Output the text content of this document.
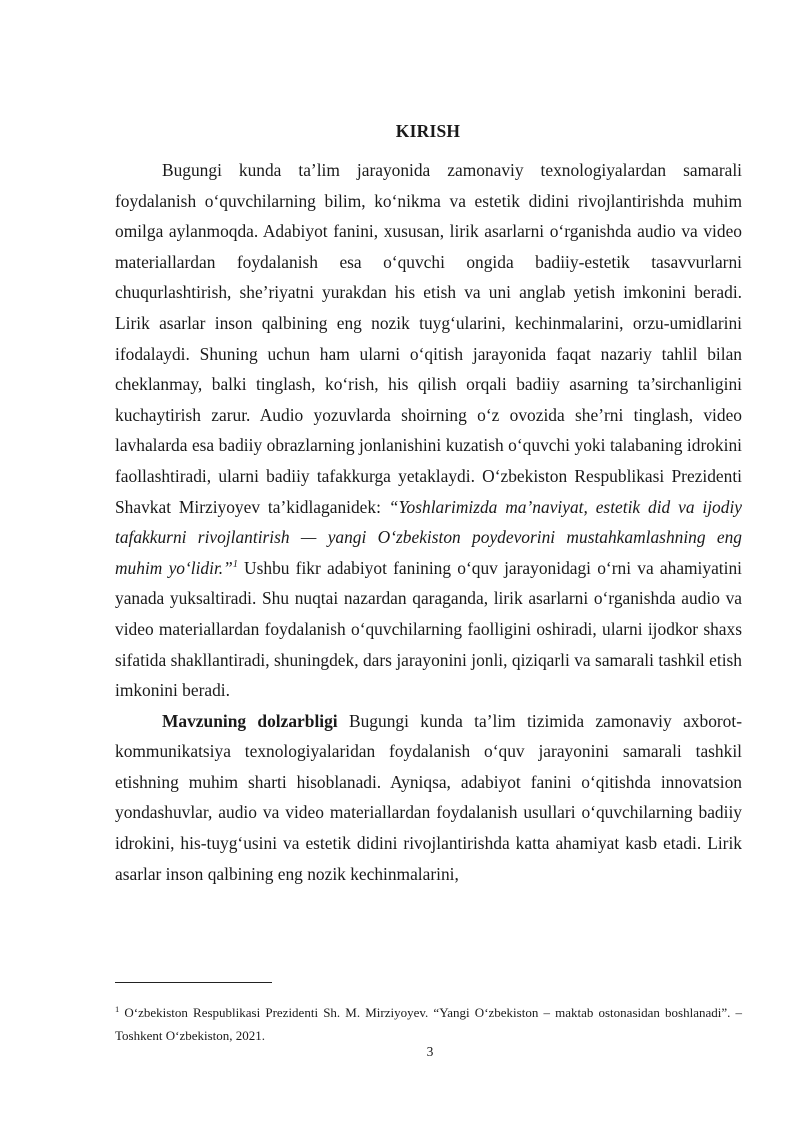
KIRISH

Bugungi kunda ta’lim jarayonida zamonaviy texnologiyalardan samarali foydalanish o‘quvchilarning bilim, ko‘nikma va estetik didini rivojlantirishda muhim omilga aylanmoqda. Adabiyot fanini, xususan, lirik asarlarni o‘rganishda audio va video materiallardan foydalanish esa o‘quvchi ongida badiiy-estetik tasavvurlarni chuqurlashtirish, she’riyatni yurakdan his etish va uni anglab yetish imkonini beradi. Lirik asarlar inson qalbining eng nozik tuyg‘ularini, kechinmalarini, orzu-umidlarini ifodalaydi. Shuning uchun ham ularni o‘qitish jarayonida faqat nazariy tahlil bilan cheklanmay, balki tinglash, ko‘rish, his qilish orqali badiiy asarning ta’sirchanligini kuchaytirish zarur. Audio yozuvlarda shoirning o‘z ovozida she’rni tinglash, video lavhalarda esa badiiy obrazlarning jonlanishini kuzatish o‘quvchi yoki talabaning idrokini faollashtiradi, ularni badiiy tafakkurga yetaklaydi. O‘zbekiston Respublikasi Prezidenti Shavkat Mirziyoyev ta’kidlaganidek: “Yoshlarimizda ma’naviyat, estetik did va ijodiy tafakkurni rivojlantirish — yangi O‘zbekiston poydevorini mustahkamlashning eng muhim yo‘lidir.”$^1$ Ushbu fikr adabiyot fanining o‘quv jarayonidagi o‘rni va ahamiyatini yanada yuksaltiradi. Shu nuqtai nazardan qaraganda, lirik asarlarni o‘rganishda audio va video materiallardan foydalanish o‘quvchilarning faolligini oshiradi, ularni ijodkor shaxs sifatida shakllantiradi, shuningdek, dars jarayonini jonli, qiziqarli va samarali tashkil etish imkonini beradi.

Mavzuning dolzarbligi Bugungi kunda ta’lim tizimida zamonaviy axborot-kommunikatsiya texnologiyalaridan foydalanish o‘quv jarayonini samarali tashkil etishning muhim sharti hisoblanadi. Ayniqsa, adabiyot fanini o‘qitishda innovatsion yondashuvlar, audio va video materiallardan foydalanish usullari o‘quvchilarning badiiy idrokini, his-tuyg‘usini va estetik didini rivojlantirishda katta ahamiyat kasb etadi. Lirik asarlar inson qalbining eng nozik kechinmalarini,

$^1$ O‘zbekiston Respublikasi Prezidenti Sh. M. Mirziyoyev. “Yangi O‘zbekiston – maktab ostonasidan boshlanadi”. – Toshkent O‘zbekiston, 2021.

3
